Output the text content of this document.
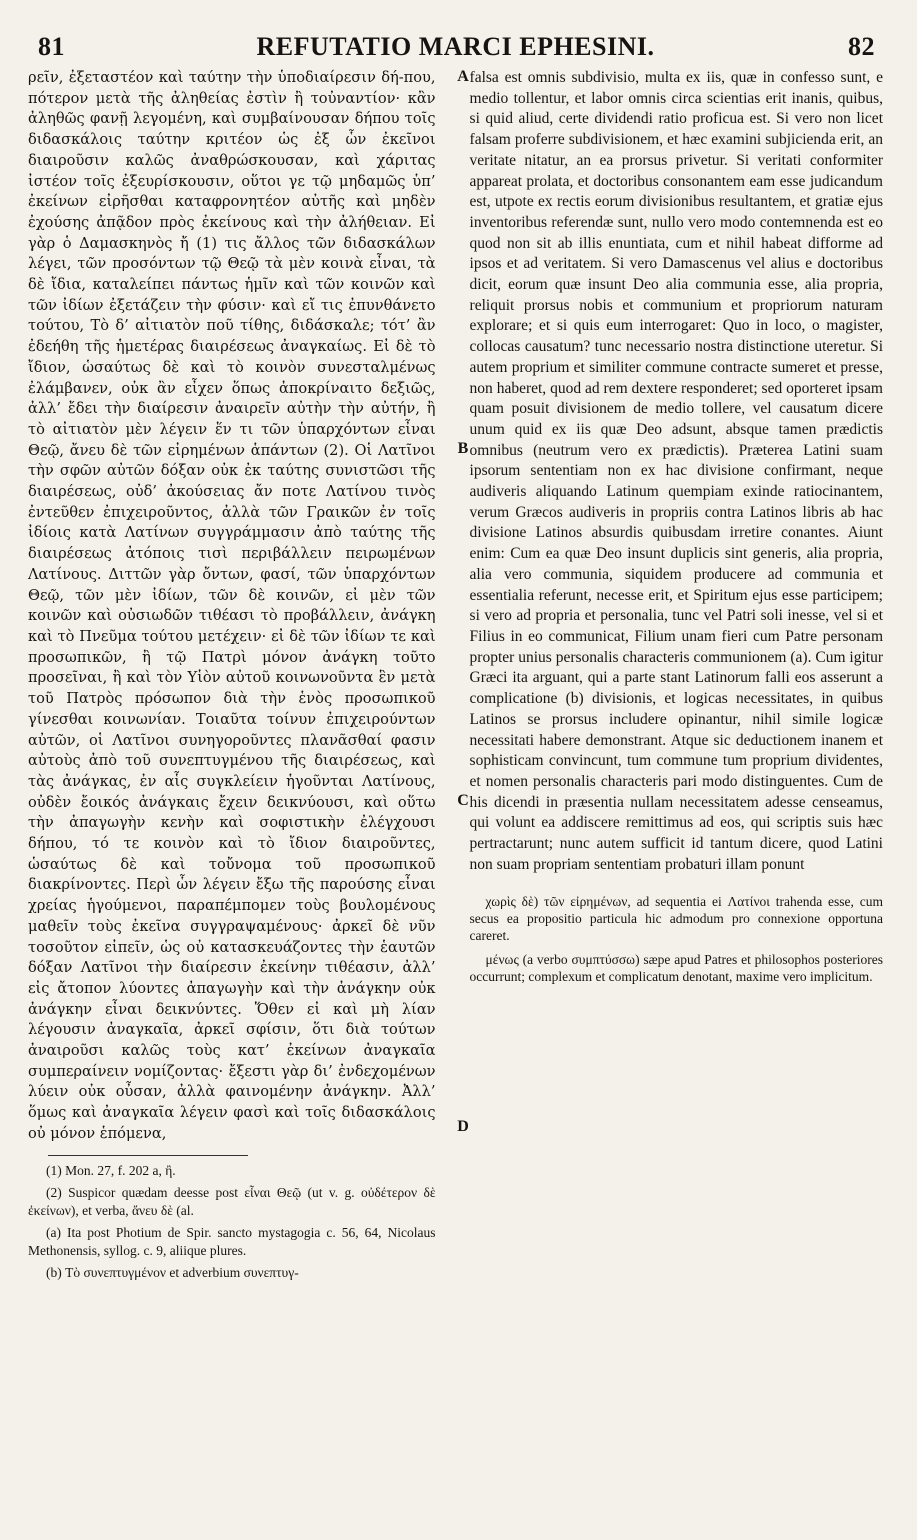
81	REFUTATIO MARCI EPHESINI.	82

ρεῖν, ἐξεταστέον καὶ ταύτην τὴν ὑποδιαίρεσιν δή-που, πότερον μετὰ τῆς ἀληθείας ἐστὶν ἢ τοὐναντίον· κἂν ἀληθῶς φανῇ λεγομένη, καὶ συμβαίνουσαν δήπου τοῖς διδασκάλοις ταύτην κριτέον ὡς ἐξ ὧν ἐκεῖνοι διαιροῦσιν καλῶς ἀναθρώσκουσαν, καὶ χάριτας ἰστέον τοῖς ἐξευρίσκουσιν, οὕτοι γε τῷ μηδαμῶς ὑπ’ ἐκείνων εἰρῆσθαι καταφρονητέον αὐτῆς καὶ μηδὲν ἐχούσης ἀπᾷδον πρὸς ἐκείνους καὶ τὴν ἀλήθειαν. Εἰ γὰρ ὁ Δαμασκηνὸς ἤ (1) τις ἄλλος τῶν διδασκάλων λέγει, τῶν προσόντων τῷ Θεῷ τὰ μὲν κοινὰ εἶναι, τὰ δὲ ἴδια, καταλείπει πάντως ἡμῖν καὶ τῶν κοινῶν καὶ τῶν ἰδίων ἐξετάζειν τὴν φύσιν· καὶ εἴ τις ἐπυνθάνετο τούτου, Τὸ δ’ αἰτιατὸν ποῦ τίθης, διδάσκαλε; τότ’ ἂν ἐδεήθη τῆς ἡμετέρας διαιρέσεως ἀναγκαίως. Εἰ δὲ τὸ ἴδιον, ὡσαύτως δὲ καὶ τὸ κοινὸν συνεσταλμένως ἐλάμβανεν, οὐκ ἂν εἶχεν ὅπως ἀποκρίναιτο δεξιῶς, ἀλλ’ ἔδει τὴν διαίρεσιν ἀναιρεῖν αὐτὴν τὴν αὐτήν, ἢ τὸ αἰτιατὸν μὲν λέγειν ἕν τι τῶν ὑπαρχόντων εἶναι Θεῷ, ἄνευ δὲ τῶν εἰρημένων ἁπάντων (2). Οἱ Λατῖνοι τὴν σφῶν αὐτῶν δόξαν οὐκ ἐκ ταύτης συνιστῶσι τῆς διαιρέσεως, οὐδ’ ἀκούσειας ἄν ποτε Λατίνου τινὸς ἐντεῦθεν ἐπιχειροῦντος, ἀλλὰ τῶν Γραικῶν ἐν τοῖς ἰδίοις κατὰ Λατίνων συγγράμμασιν ἀπὸ ταύτης τῆς διαιρέσεως ἀτόποις τισὶ περιβάλλειν πειρωμένων Λατίνους. Διττῶν γὰρ ὄντων, φασί, τῶν ὑπαρχόντων Θεῷ, τῶν μὲν ἰδίων, τῶν δὲ κοινῶν, εἰ μὲν τῶν κοινῶν καὶ οὐσιωδῶν τιθέασι τὸ προβάλλειν, ἀνάγκη καὶ τὸ Πνεῦμα τούτου μετέχειν· εἰ δὲ τῶν ἰδίων τε καὶ προσωπικῶν, ἢ τῷ Πατρὶ μόνον ἀνάγκη τοῦτο προσεῖναι, ἢ καὶ τὸν Υἱὸν αὐτοῦ κοινωνοῦντα ἓν μετὰ τοῦ Πατρὸς πρόσωπον διὰ τὴν ἑνὸς προσωπικοῦ γίνεσθαι κοινωνίαν. Τοιαῦτα τοίνυν ἐπιχειρούντων αὐτῶν, οἱ Λατῖνοι συνηγοροῦντες πλανᾶσθαί φασιν αὐτοὺς ἀπὸ τοῦ συνεπτυγμένου τῆς διαιρέσεως, καὶ τὰς ἀνάγκας, ἐν αἷς συγκλείειν ἡγοῦνται Λατίνους, οὐδὲν ἔοικός ἀνάγκαις ἔχειν δεικνύουσι, καὶ οὕτω τὴν ἀπαγωγὴν κενὴν καὶ σοφιστικὴν ἐλέγχουσι δήπου, τό τε κοινὸν καὶ τὸ ἴδιον διαιροῦντες, ὡσαύτως δὲ καὶ τοὔνομα τοῦ προσωπικοῦ διακρίνοντες. Περὶ ὧν λέγειν ἔξω τῆς παρούσης εἶναι χρείας ἡγούμενοι, παραπέμπομεν τοὺς βουλομένους μαθεῖν τοὺς ἐκεῖνα συγγραψαμένους· ἀρκεῖ δὲ νῦν τοσοῦτον εἰπεῖν, ὡς οὐ κατασκευάζοντες τὴν ἑαυτῶν δόξαν Λατῖνοι τὴν διαίρεσιν ἐκείνην τιθέασιν, ἀλλ’ εἰς ἄτοπον λύοντες ἀπαγωγὴν καὶ τὴν ἀνάγκην οὐκ ἀνάγκην εἶναι δεικνύντες. Ὅθεν εἰ καὶ μὴ λίαν λέγουσιν ἀναγκαῖα, ἀρκεῖ σφίσιν, ὅτι διὰ τούτων ἀναιροῦσι καλῶς τοὺς κατ’ ἐκείνων ἀναγκαῖα συμπεραίνειν νομίζοντας· ἔξεστι γὰρ δι’ ἐνδεχομένων λύειν οὐκ οὖσαν, ἀλλὰ φαινομένην ἀνάγκην. Ἀλλ’ ὅμως καὶ ἀναγκαῖα λέγειν φασὶ καὶ τοῖς διδασκάλοις οὐ μόνον ἑπόμενα,

(1) Mon. 27, f. 202 a, ἢ.

(2) Suspicor quædam deesse post εἶναι Θεῷ (ut v. g. οὐδέτερον δὲ ἐκείνων), et verba, ἄνευ δὲ (al.

(a) Ita post Photium de Spir. sancto mystagogia c. 56, 64, Nicolaus Methonensis, syllog. c. 9, aliique plures.

(b) Τὸ συνεπτυγμένον et adverbium συνεπτυγ-

A
B
C
D

falsa est omnis subdivisio, multa ex iis, quæ in confesso sunt, e medio tollentur, et labor omnis circa scientias erit inanis, quibus, si quid aliud, certe dividendi ratio proficua est. Si vero non licet falsam proferre subdivisionem, et hæc examini subjicienda erit, an veritate nitatur, an ea prorsus privetur. Si veritati conformiter appareat prolata, et doctoribus consonantem eam esse judicandum est, utpote ex rectis eorum divisionibus resultantem, et gratiæ ejus inventoribus referendæ sunt, nullo vero modo contemnenda est eo quod non sit ab illis enuntiata, cum et nihil habeat difforme ad ipsos et ad veritatem. Si vero Damascenus vel alius e doctoribus dicit, eorum quæ insunt Deo alia communia esse, alia propria, reliquit prorsus nobis et communium et propriorum naturam explorare; et si quis eum interrogaret: Quo in loco, o magister, collocas causatum? tunc necessario nostra distinctione uteretur. Si autem proprium et similiter commune contracte sumeret et presse, non haberet, quod ad rem dextere responderet; sed oporteret ipsam quam posuit divisionem de medio tollere, vel causatum dicere unum quid ex iis quæ Deo adsunt, absque tamen prædictis omnibus (neutrum vero ex prædictis). Præterea Latini suam ipsorum sententiam non ex hac divisione confirmant, neque audiveris aliquando Latinum quempiam exinde ratiocinantem, verum Græcos audiveris in propriis contra Latinos libris ab hac divisione Latinos absurdis quibusdam irretire conantes. Aiunt enim: Cum ea quæ Deo insunt duplicis sint generis, alia propria, alia vero communia, siquidem producere ad communia et essentialia referunt, necesse erit, et Spiritum ejus esse participem; si vero ad propria et personalia, tunc vel Patri soli inesse, vel si et Filius in eo communicat, Filium unam fieri cum Patre personam propter unius personalis characteris communionem (a). Cum igitur Græci ita arguant, qui a parte stant Latinorum falli eos asserunt a complicatione (b) divisionis, et logicas necessitates, in quibus Latinos se prorsus includere opinantur, nihil simile logicæ necessitati habere demonstrant. Atque sic deductionem inanem et sophisticam convincunt, tum commune tum proprium dividentes, et nomen personalis characteris pari modo distinguentes. Cum de his dicendi in præsentia nullam necessitatem adesse censeamus, qui volunt ea addiscere remittimus ad eos, qui scriptis suis hæc pertractarunt; nunc autem sufficit id tantum dicere, quod Latini non suam propriam sententiam probaturi illam ponunt

χωρὶς δὲ) τῶν εἰρημένων, ad sequentia ei Λατίνοι trahenda esse, cum secus ea propositio particula hic admodum pro connexione opportuna careret.

μένως (a verbo συμπτύσσω) sæpe apud Patres et philosophos posteriores occurrunt; complexum et complicatum denotant, maxime vero implicitum.
